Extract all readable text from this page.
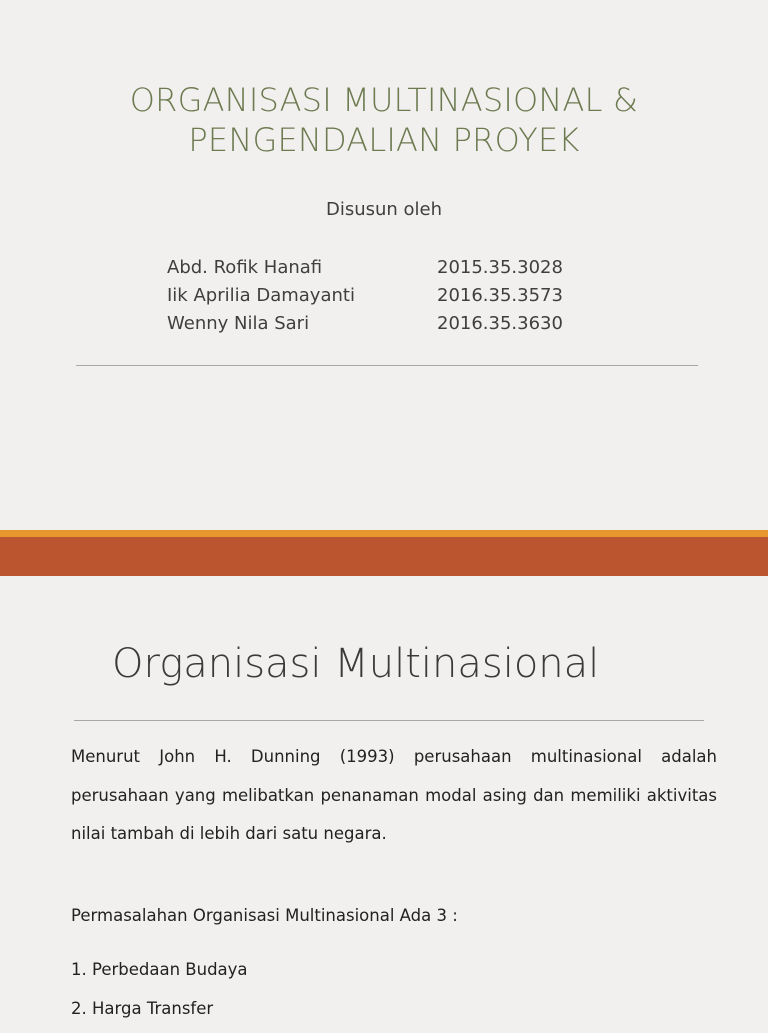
ORGANISASI MULTINASIONAL &
PENGENDALIAN PROYEK
Disusun oleh
Abd. Rofik Hanafi	2015.35.3028
Iik Aprilia Damayanti	2016.35.3573
Wenny Nila Sari	2016.35.3630
Organisasi Multinasional
Menurut John H. Dunning (1993) perusahaan multinasional adalah perusahaan yang melibatkan penanaman modal asing dan memiliki aktivitas nilai tambah di lebih dari satu negara.
Permasalahan Organisasi Multinasional Ada 3 :
1. Perbedaan Budaya
2. Harga Transfer
